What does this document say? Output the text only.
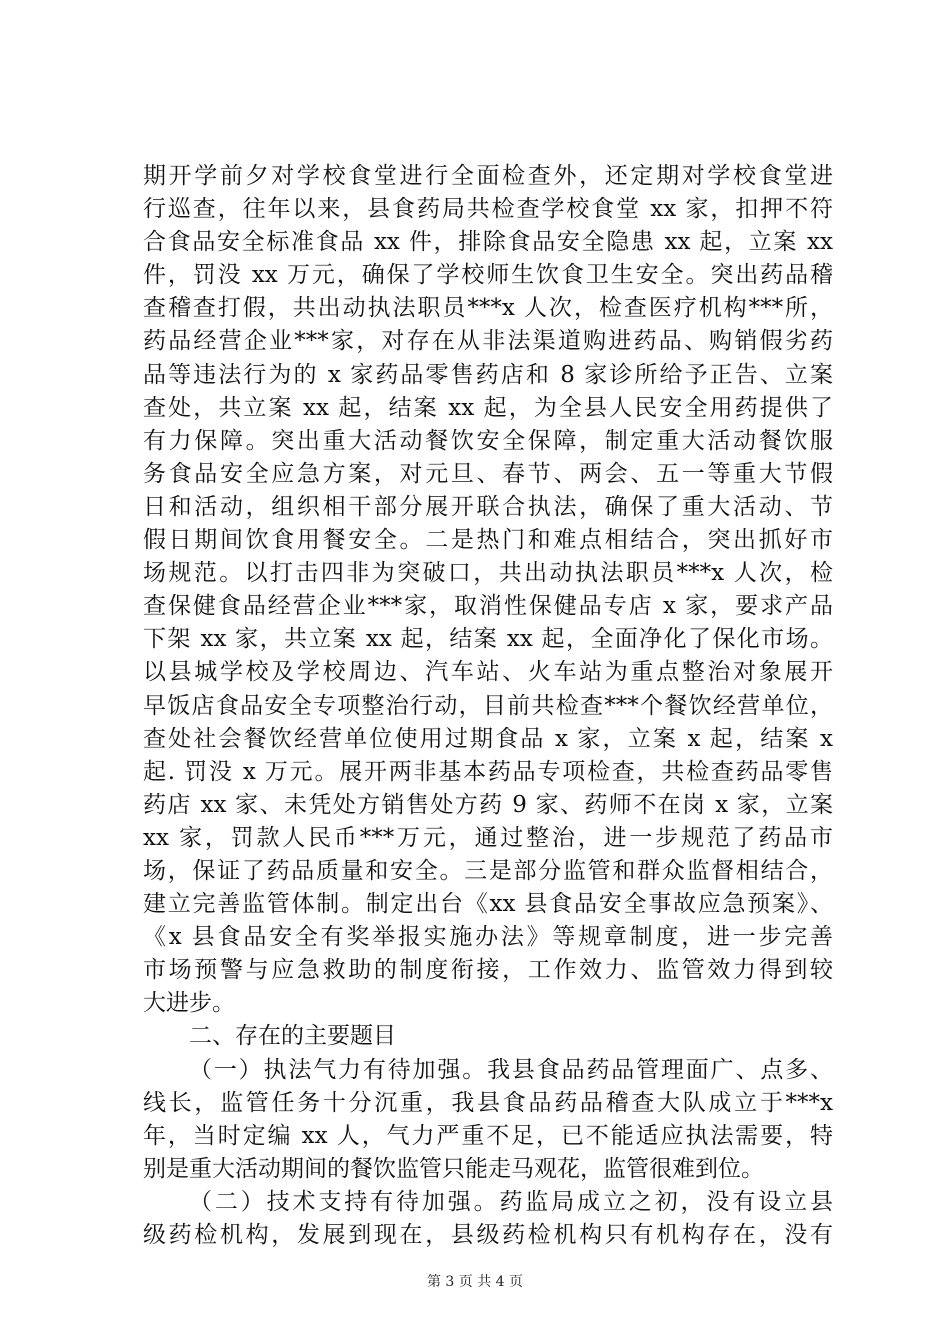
期开学前夕对学校食堂进行全面检查外，还定期对学校食堂进
行巡查，往年以来，县食药局共检查学校食堂 xx 家，扣押不符
合食品安全标准食品 xx 件，排除食品安全隐患 xx 起，立案 xx
件，罚没 xx 万元，确保了学校师生饮食卫生安全。突出药品稽
查稽查打假，共出动执法职员***x 人次，检查医疗机构***所，
药品经营企业***家，对存在从非法渠道购进药品、购销假劣药
品等违法行为的 x 家药品零售药店和 8 家诊所给予正告、立案
查处，共立案 xx 起，结案 xx 起，为全县人民安全用药提供了
有力保障。突出重大活动餐饮安全保障，制定重大活动餐饮服
务食品安全应急方案，对元旦、春节、两会、五一等重大节假
日和活动，组织相干部分展开联合执法，确保了重大活动、节
假日期间饮食用餐安全。二是热门和难点相结合，突出抓好市
场规范。以打击四非为突破口，共出动执法职员***x 人次，检
查保健食品经营企业***家，取消性保健品专店 x 家，要求产品
下架 xx 家，共立案 xx 起，结案 xx 起，全面净化了保化市场。
以县城学校及学校周边、汽车站、火车站为重点整治对象展开
早饭店食品安全专项整治行动，目前共检查***个餐饮经营单位，
查处社会餐饮经营单位使用过期食品 x 家，立案 x 起，结案 x
起. 罚没 x 万元。展开两非基本药品专项检查，共检查药品零售
药店 xx 家、未凭处方销售处方药 9 家、药师不在岗 x 家，立案
xx 家，罚款人民币***万元，通过整治，进一步规范了药品市
场，保证了药品质量和安全。三是部分监管和群众监督相结合，
建立完善监管体制。制定出台《xx 县食品安全事故应急预案》、
《x 县食品安全有奖举报实施办法》等规章制度，进一步完善
市场预警与应急救助的制度衔接，工作效力、监管效力得到较
大进步。
二、存在的主要题目
（一）执法气力有待加强。我县食品药品管理面广、点多、
线长，监管任务十分沉重，我县食品药品稽查大队成立于***x
年，当时定编 xx 人，气力严重不足，已不能适应执法需要，特
别是重大活动期间的餐饮监管只能走马观花，监管很难到位。
（二）技术支持有待加强。药监局成立之初，没有设立县
级药检机构，发展到现在，县级药检机构只有机构存在，没有
第 3 页 共 4 页
